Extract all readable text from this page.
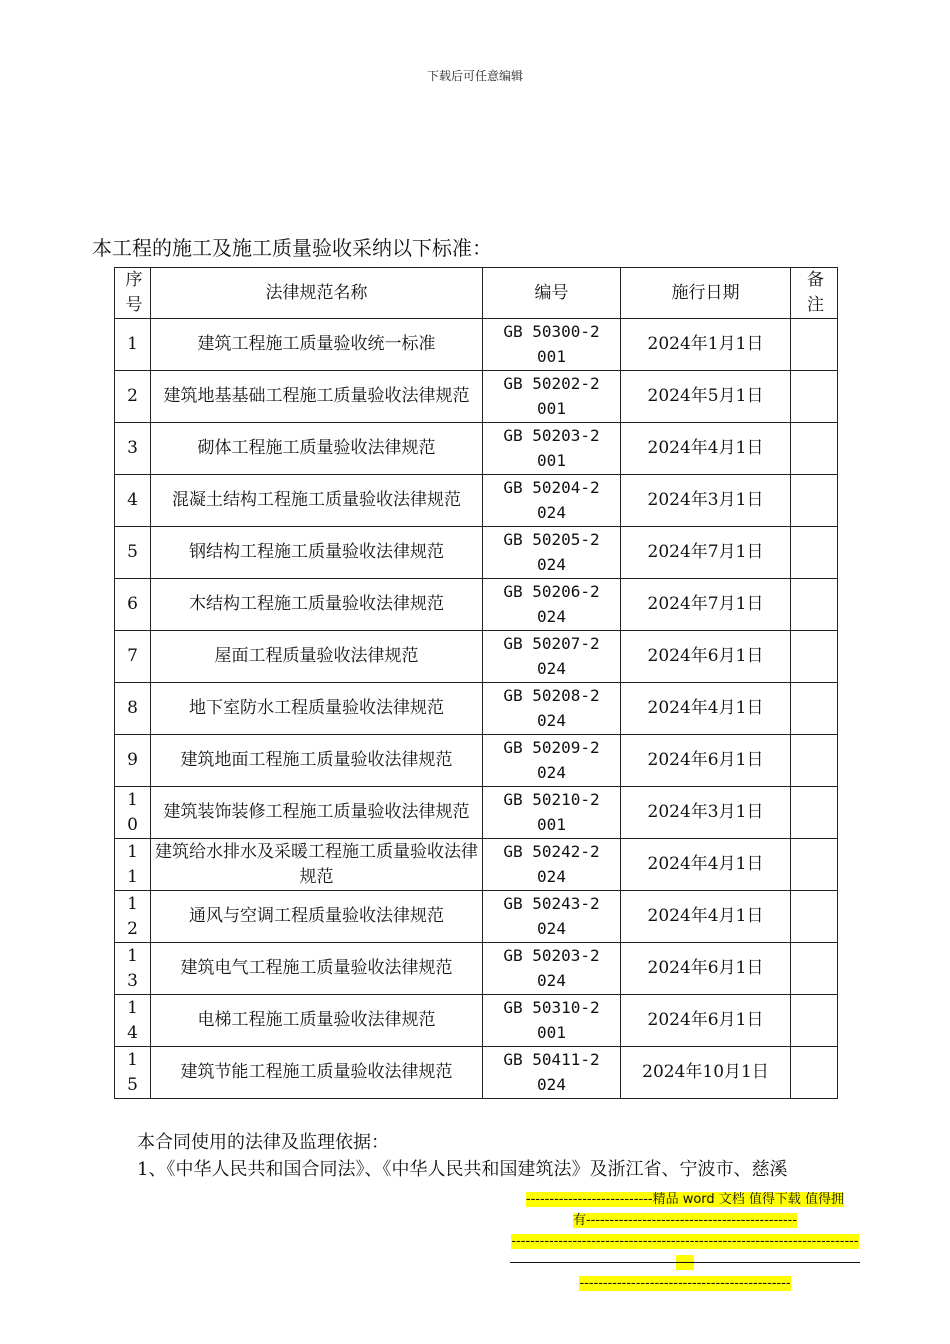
下载后可任意编辑
本工程的施工及施工质量验收采纳以下标准：
序号	法律规范名称	编号	施行日期	备注
1	建筑工程施工质量验收统一标准	GB 50300-2001	2024年1月1日	
2	建筑地基基础工程施工质量验收法律规范	GB 50202-2001	2024年5月1日	
3	砌体工程施工质量验收法律规范	GB 50203-2001	2024年4月1日	
4	混凝土结构工程施工质量验收法律规范	GB 50204-2024	2024年3月1日	
5	钢结构工程施工质量验收法律规范	GB 50205-2024	2024年7月1日	
6	木结构工程施工质量验收法律规范	GB 50206-2024	2024年7月1日	
7	屋面工程质量验收法律规范	GB 50207-2024	2024年6月1日	
8	地下室防水工程质量验收法律规范	GB 50208-2024	2024年4月1日	
9	建筑地面工程施工质量验收法律规范	GB 50209-2024	2024年6月1日	
10	建筑装饰装修工程施工质量验收法律规范	GB 50210-2001	2024年3月1日	
11	建筑给水排水及采暖工程施工质量验收法律规范	GB 50242-2024	2024年4月1日	
12	通风与空调工程质量验收法律规范	GB 50243-2024	2024年4月1日	
13	建筑电气工程施工质量验收法律规范	GB 50203-2024	2024年6月1日	
14	电梯工程施工质量验收法律规范	GB 50310-2001	2024年6月1日	
15	建筑节能工程施工质量验收法律规范	GB 50411-2024	2024年10月1日	
本合同使用的法律及监理依据：
1、《中华人民共和国合同法》、《中华人民共和国建筑法》及浙江省、宁波市、慈溪
---------------------------精品 word 文档 值得下载 值得拥
有---------------------------------------------
------------------------------------------------------------------------------
---------------------------------------------
